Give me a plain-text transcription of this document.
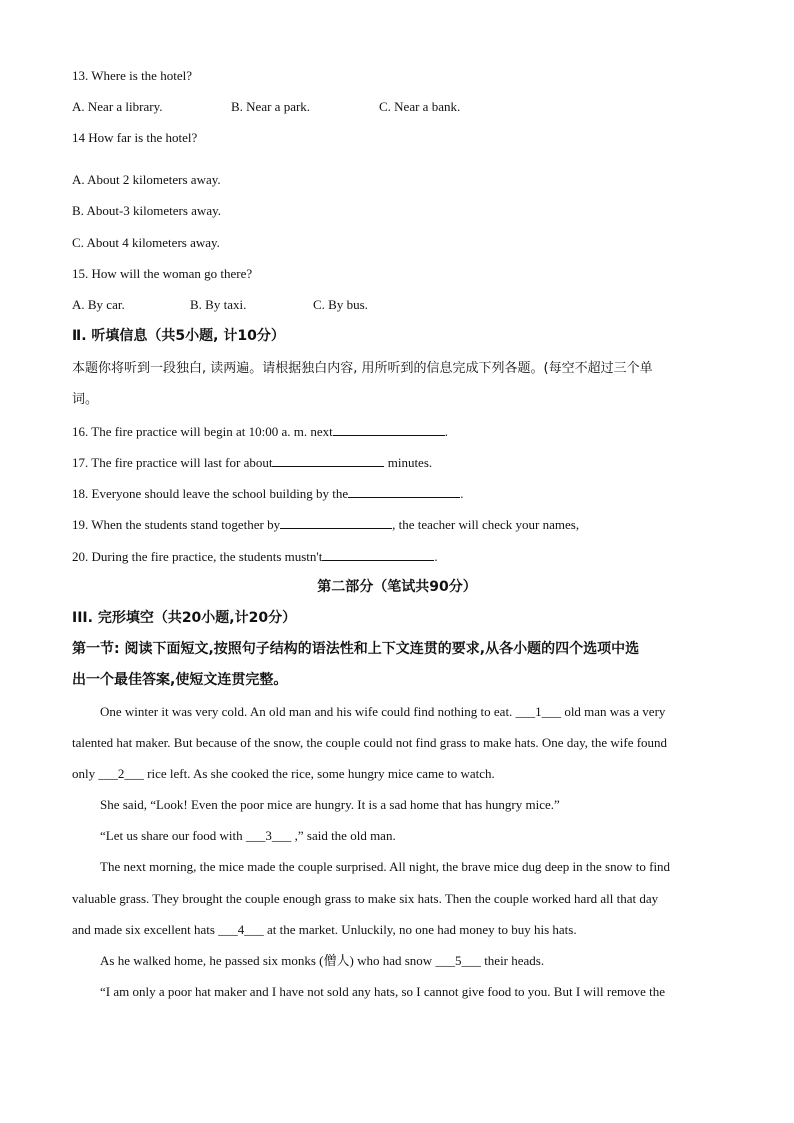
13. Where is the hotel?
A. Near a library.	B. Near a park.	C. Near a bank.
14 How far is the hotel?
A. About 2 kilometers away.
B. About-3 kilometers away.
C. About 4 kilometers away.
15. How will the woman go there?
A. By car.	B. By taxi.	C. By bus.
Ⅱ. 听填信息（共5小题, 计10分）
本题你将听到一段独白, 读两遍。请根据独白内容, 用所听到的信息完成下列各题。(每空不超过三个单
词。
16. The fire practice will begin at 10:00 a. m. next	.
17. The fire practice will last for about	minutes.
18. Everyone should leave the school building by the	.
19. When the students stand together by	, the teacher will check your names,
20. During the fire practice, the students mustn't	.
第二部分（笔试共90分）
III. 完形填空（共20小题,计20分）
第一节: 阅读下面短文,按照句子结构的语法性和上下文连贯的要求,从各小题的四个选项中选
出一个最佳答案,使短文连贯完整。
One winter it was very cold. An old man and his wife could find nothing to eat. ___1___ old man was a very
talented hat maker. But because of the snow, the couple could not find grass to make hats. One day, the wife found
only ___2___ rice left. As she cooked the rice, some hungry mice came to watch.
She said, “Look! Even the poor mice are hungry. It is a sad home that has hungry mice.”
“Let us share our food with ___3___ ,” said the old man.
The next morning, the mice made the couple surprised. All night, the brave mice dug deep in the snow to find
valuable grass. They brought the couple enough grass to make six hats. Then the couple worked hard all that day
and made six excellent hats ___4___ at the market. Unluckily, no one had money to buy his hats.
As he walked home, he passed six monks (僧人) who had snow ___5___ their heads.
“I am only a poor hat maker and I have not sold any hats, so I cannot give food to you. But I will remove the
